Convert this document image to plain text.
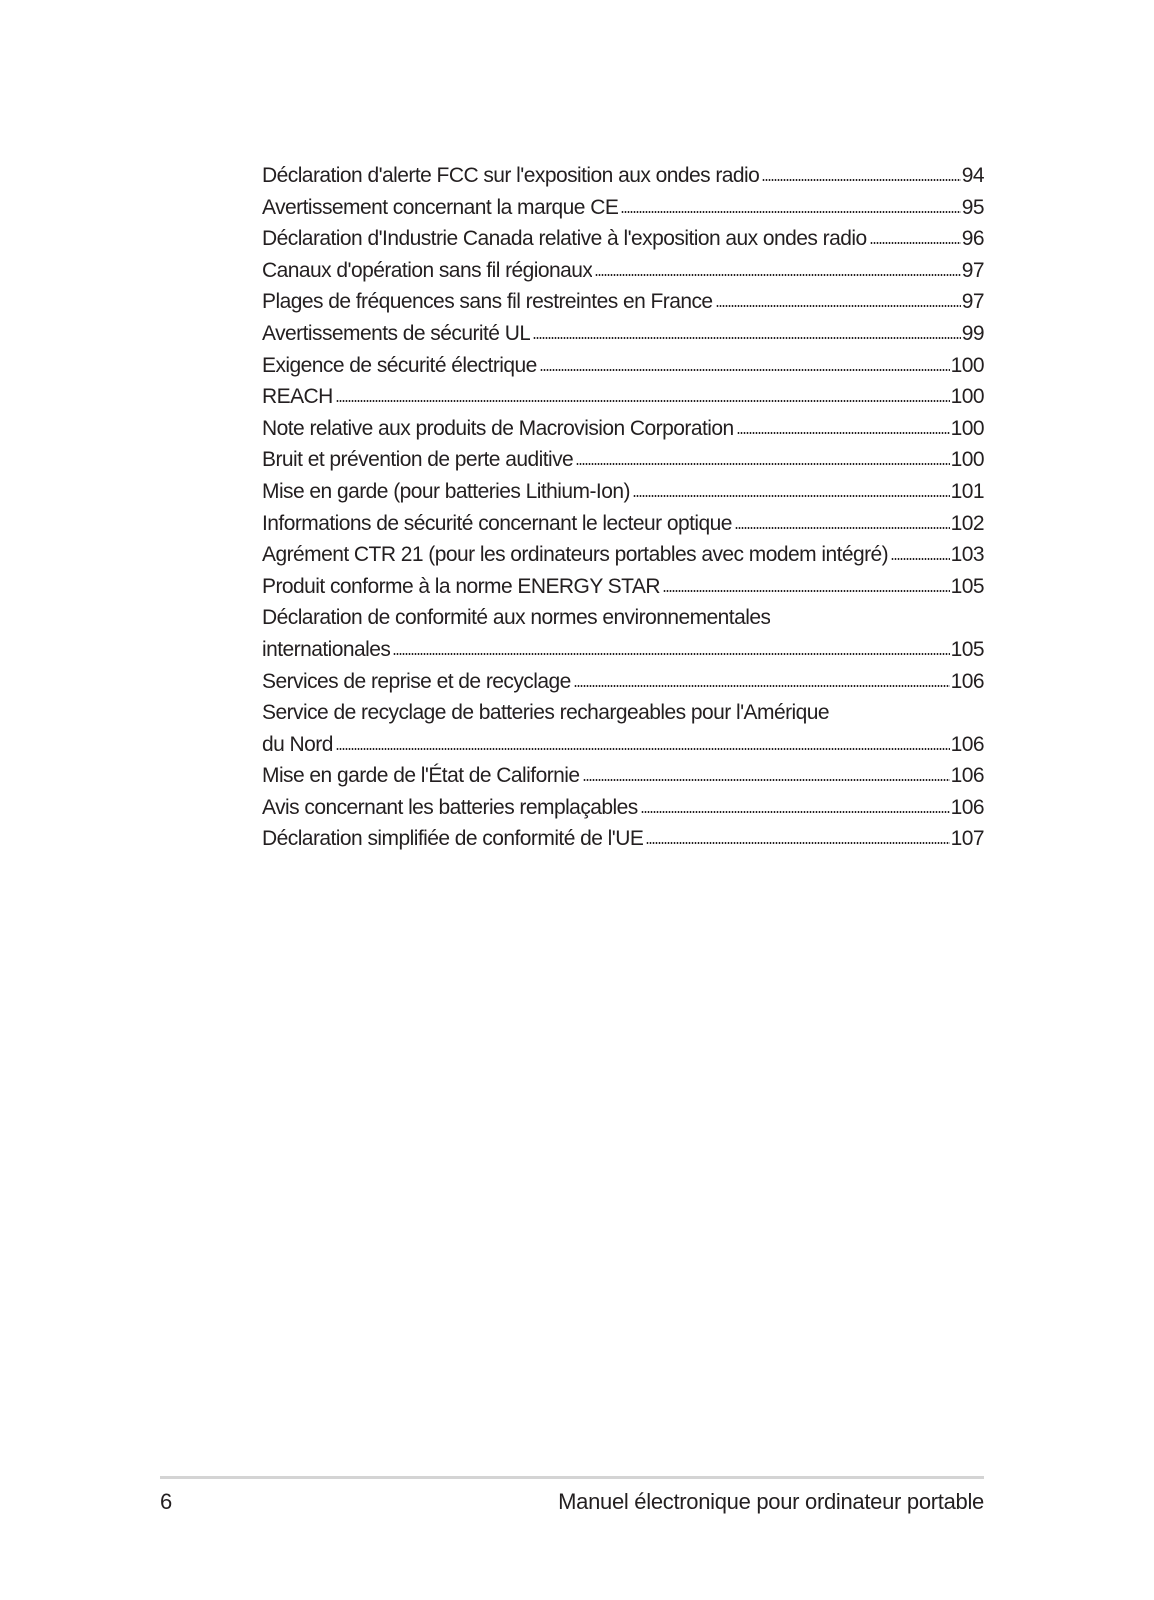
Déclaration d'alerte FCC sur l'exposition aux ondes radio	94
Avertissement concernant la marque CE	95
Déclaration d'Industrie Canada relative à l'exposition aux ondes radio	96
Canaux d'opération sans fil régionaux	97
Plages de fréquences sans fil restreintes en France	97
Avertissements de sécurité UL	99
Exigence de sécurité électrique	100
REACH	100
Note relative aux produits de Macrovision Corporation	100
Bruit et prévention de perte auditive	100
Mise en garde (pour batteries Lithium-Ion)	101
Informations de sécurité concernant le lecteur optique	102
Agrément CTR 21 (pour les ordinateurs portables avec modem intégré)	103
Produit conforme à la norme ENERGY STAR	105
Déclaration de conformité aux normes environnementales
internationales	105
Services de reprise et de recyclage	106
Service de recyclage de batteries rechargeables pour l'Amérique
du Nord	106
Mise en garde de l'État de Californie	106
Avis concernant les batteries remplaçables	106
Déclaration simplifiée de conformité de l'UE	107
6	Manuel électronique pour ordinateur portable
